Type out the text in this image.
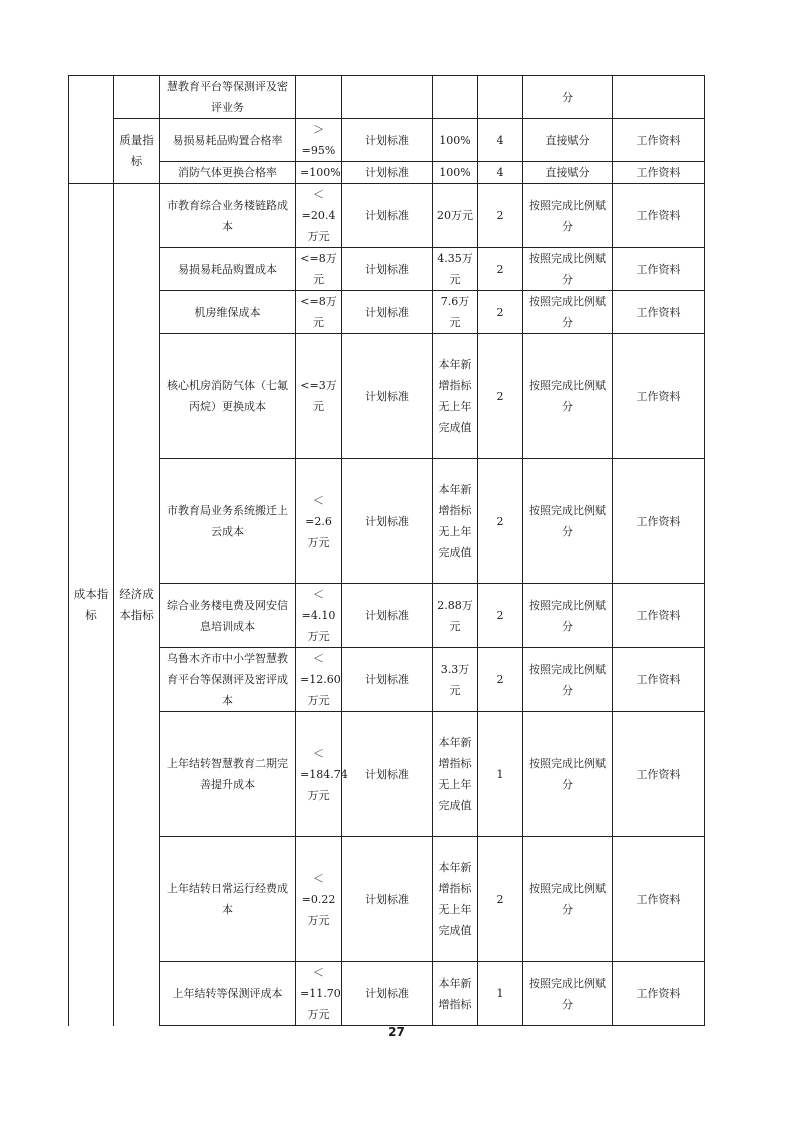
		慧教育平台等保测评及密评业务					分	
	质量指标	易损易耗品购置合格率	＞=95%	计划标准	100%	4	直接赋分	工作资料
		消防气体更换合格率	=100%	计划标准	100%	4	直接赋分	工作资料
成本指标	经济成本指标	市教育综合业务楼链路成本	＜=20.4万元	计划标准	20万元	2	按照完成比例赋分	工作资料
		易损易耗品购置成本	<=8万元	计划标准	4.35万元	2	按照完成比例赋分	工作资料
		机房维保成本	<=8万元	计划标准	7.6万元	2	按照完成比例赋分	工作资料
		核心机房消防气体（七氟丙烷）更换成本	<=3万元	计划标准	本年新增指标无上年完成值	2	按照完成比例赋分	工作资料
		市教育局业务系统搬迁上云成本	＜=2.6万元	计划标准	本年新增指标无上年完成值	2	按照完成比例赋分	工作资料
		综合业务楼电费及网安信息培训成本	＜=4.10万元	计划标准	2.88万元	2	按照完成比例赋分	工作资料
		乌鲁木齐市中小学智慧教育平台等保测评及密评成本	＜=12.60万元	计划标准	3.3万元	2	按照完成比例赋分	工作资料
		上年结转智慧教育二期完善提升成本	＜=184.74万元	计划标准	本年新增指标无上年完成值	1	按照完成比例赋分	工作资料
		上年结转日常运行经费成本	＜=0.22万元	计划标准	本年新增指标无上年完成值	2	按照完成比例赋分	工作资料
		上年结转等保测评成本	＜=11.70万元	计划标准	本年新增指标	1	按照完成比例赋分	工作资料
27
